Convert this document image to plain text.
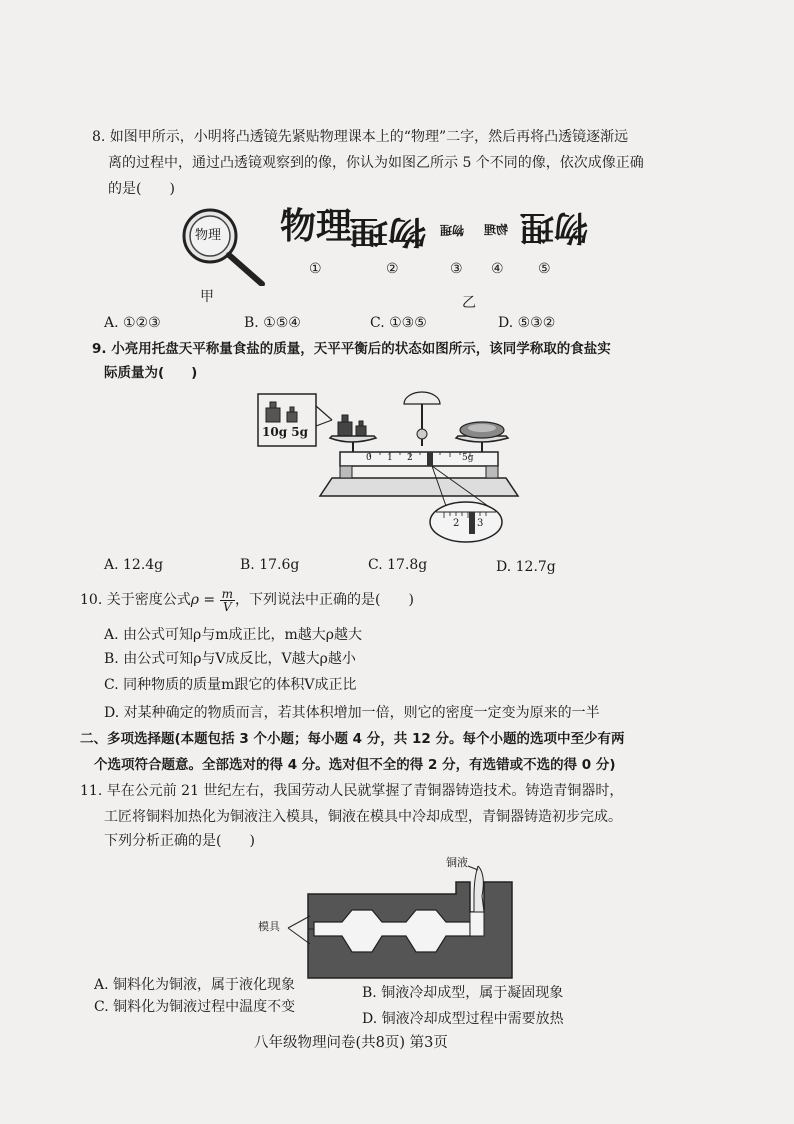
8. 如图甲所示，小明将凸透镜先紧贴物理课本上的“物理”二字，然后再将凸透镜逐渐远
离的过程中，通过凸透镜观察到的像，你认为如图乙所示 5 个不同的像，依次成像正确
的是(　　)
物理
甲
物理
物理 物理 物理 物理
①	②	③ ④ ⑤
乙
A. ①②③	B. ①⑤④	C. ①③⑤	D. ⑤③②
9. 小亮用托盘天平称量食盐的质量，天平平衡后的状态如图所示，该同学称取的食盐实
际质量为(　　)
10g 5g
0 1 2	5g
2 3
A. 12.4g	B. 17.6g	C. 17.8g	D. 12.7g
10. 关于密度公式$\rho = \frac{m}{V}$ ，下列说法中正确的是(　　)
A. 由公式可知ρ与m成正比，m越大ρ越大
B. 由公式可知ρ与V成反比，V越大ρ越小
C. 同种物质的质量m跟它的体积V成正比
D. 对某种确定的物质而言，若其体积增加一倍，则它的密度一定变为原来的一半
二、多项选择题(本题包括 3 个小题；每小题 4 分，共 12 分。每个小题的选项中至少有两
个选项符合题意。全部选对的得 4 分。选对但不全的得 2 分，有选错或不选的得 0 分)
11. 早在公元前 21 世纪左右，我国劳动人民就掌握了青铜器铸造技术。铸造青铜器时，
工匠将铜料加热化为铜液注入模具，铜液在模具中冷却成型，青铜器铸造初步完成。
下列分析正确的是(　　)
铜液
模具
A. 铜料化为铜液，属于液化现象	B. 铜液冷却成型，属于凝固现象
C. 铜料化为铜液过程中温度不变
D. 铜液冷却成型过程中需要放热
八年级物理问卷(共8页) 第3页
